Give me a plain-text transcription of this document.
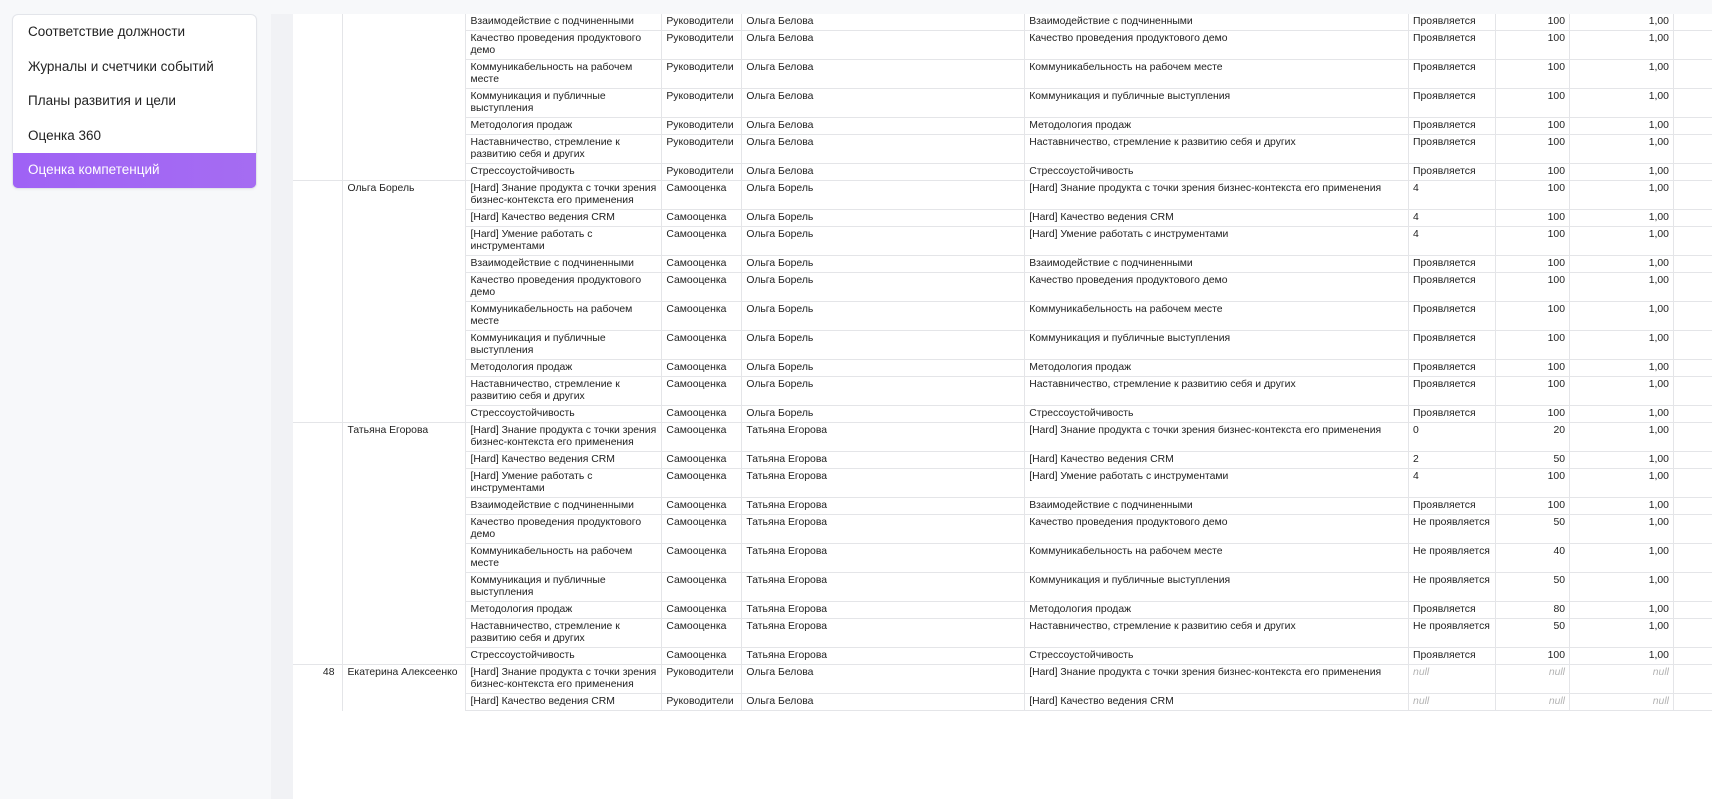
Соответствие должности
Журналы и счетчики событий
Планы развития и цели
Оценка 360
Оценка компетенций
		Взаимодействие с подчиненными	Руководители	Ольга Белова	Взаимодействие с подчиненными	Проявляется	100	1,00	
		Качество проведения продуктового демо	Руководители	Ольга Белова	Качество проведения продуктового демо	Проявляется	100	1,00	
		Коммуникабельность на рабочем месте	Руководители	Ольга Белова	Коммуникабельность на рабочем месте	Проявляется	100	1,00	
		Коммуникация и публичные выступления	Руководители	Ольга Белова	Коммуникация и публичные выступления	Проявляется	100	1,00	
		Методология продаж	Руководители	Ольга Белова	Методология продаж	Проявляется	100	1,00	
		Наставничество, стремление к развитию себя и других	Руководители	Ольга Белова	Наставничество, стремление к развитию себя и других	Проявляется	100	1,00	
		Стрессоустойчивость	Руководители	Ольга Белова	Стрессоустойчивость	Проявляется	100	1,00	
	Ольга Борель	[Hard] Знание продукта с точки зрения бизнес-контекста его применения	Самооценка	Ольга Борель	[Hard] Знание продукта с точки зрения бизнес-контекста его применения	4	100	1,00	
		[Hard] Качество ведения CRM	Самооценка	Ольга Борель	[Hard] Качество ведения CRM	4	100	1,00	
		[Hard] Умение работать с инструментами	Самооценка	Ольга Борель	[Hard] Умение работать с инструментами	4	100	1,00	
		Взаимодействие с подчиненными	Самооценка	Ольга Борель	Взаимодействие с подчиненными	Проявляется	100	1,00	
		Качество проведения продуктового демо	Самооценка	Ольга Борель	Качество проведения продуктового демо	Проявляется	100	1,00	
		Коммуникабельность на рабочем месте	Самооценка	Ольга Борель	Коммуникабельность на рабочем месте	Проявляется	100	1,00	
		Коммуникация и публичные выступления	Самооценка	Ольга Борель	Коммуникация и публичные выступления	Проявляется	100	1,00	
		Методология продаж	Самооценка	Ольга Борель	Методология продаж	Проявляется	100	1,00	
		Наставничество, стремление к развитию себя и других	Самооценка	Ольга Борель	Наставничество, стремление к развитию себя и других	Проявляется	100	1,00	
		Стрессоустойчивость	Самооценка	Ольга Борель	Стрессоустойчивость	Проявляется	100	1,00	
	Татьяна Егорова	[Hard] Знание продукта с точки зрения бизнес-контекста его применения	Самооценка	Татьяна Егорова	[Hard] Знание продукта с точки зрения бизнес-контекста его применения	0	20	1,00	
		[Hard] Качество ведения CRM	Самооценка	Татьяна Егорова	[Hard] Качество ведения CRM	2	50	1,00	
		[Hard] Умение работать с инструментами	Самооценка	Татьяна Егорова	[Hard] Умение работать с инструментами	4	100	1,00	
		Взаимодействие с подчиненными	Самооценка	Татьяна Егорова	Взаимодействие с подчиненными	Проявляется	100	1,00	
		Качество проведения продуктового демо	Самооценка	Татьяна Егорова	Качество проведения продуктового демо	Не проявляется	50	1,00	
		Коммуникабельность на рабочем месте	Самооценка	Татьяна Егорова	Коммуникабельность на рабочем месте	Не проявляется	40	1,00	
		Коммуникация и публичные выступления	Самооценка	Татьяна Егорова	Коммуникация и публичные выступления	Не проявляется	50	1,00	
		Методология продаж	Самооценка	Татьяна Егорова	Методология продаж	Проявляется	80	1,00	
		Наставничество, стремление к развитию себя и других	Самооценка	Татьяна Егорова	Наставничество, стремление к развитию себя и других	Не проявляется	50	1,00	
		Стрессоустойчивость	Самооценка	Татьяна Егорова	Стрессоустойчивость	Проявляется	100	1,00	
48	Екатерина Алексеенко	[Hard] Знание продукта с точки зрения бизнес-контекста его применения	Руководители	Ольга Белова	[Hard] Знание продукта с точки зрения бизнес-контекста его применения	null	null	null	
		[Hard] Качество ведения CRM	Руководители	Ольга Белова	[Hard] Качество ведения CRM	null	null	null	
